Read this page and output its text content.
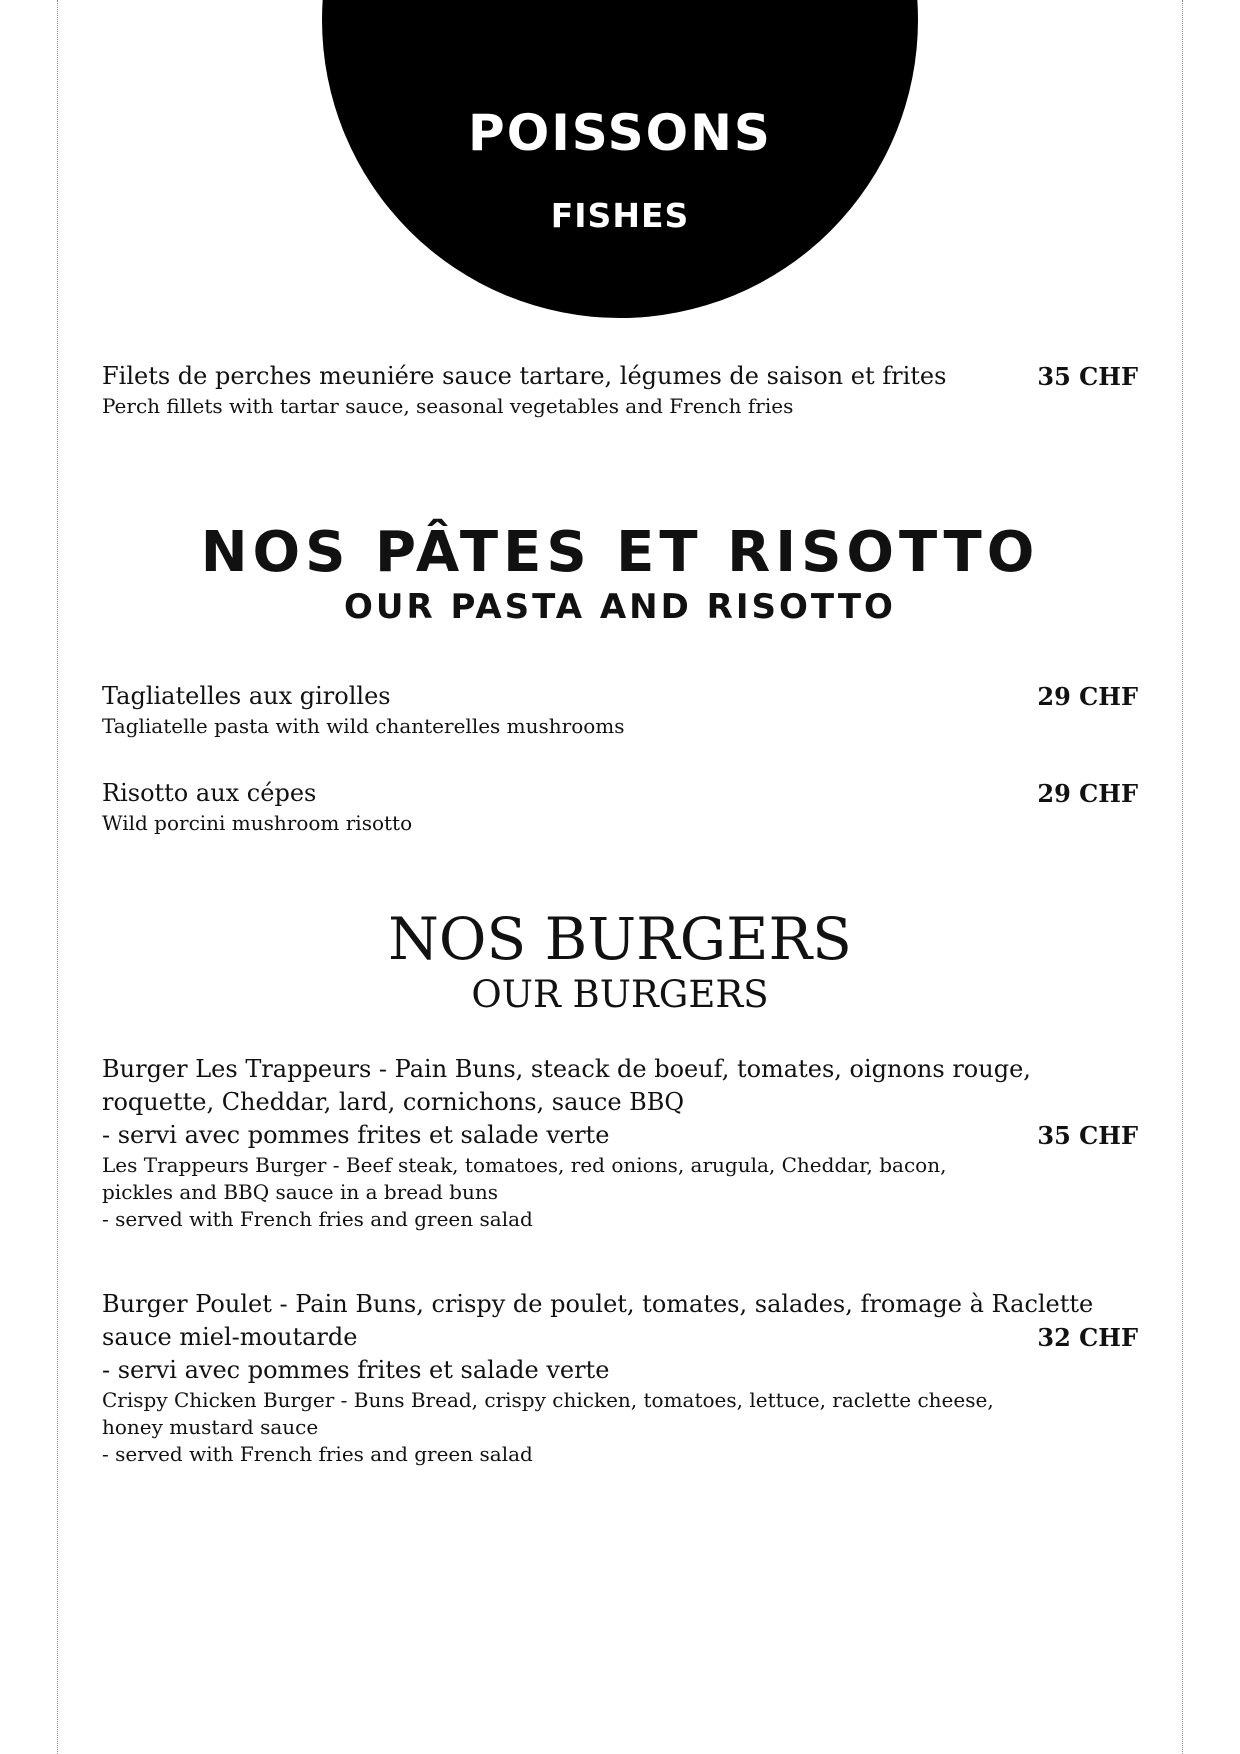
POISSONS
FISHES
Filets de perches meuniére sauce tartare, légumes de saison et frites
Perch fillets with tartar sauce, seasonal vegetables and French fries
35 CHF
NOS PÂTES ET RISOTTO
OUR PASTA AND RISOTTO
Tagliatelles aux girolles
Tagliatelle pasta with wild chanterelles mushrooms
29 CHF
Risotto aux cépes
Wild porcini mushroom risotto
29 CHF
NOS BURGERS
OUR BURGERS
Burger Les Trappeurs - Pain Buns, steack de boeuf, tomates, oignons rouge,
roquette, Cheddar, lard, cornichons, sauce BBQ
- servi avec pommes frites et salade verte
Les Trappeurs Burger - Beef steak, tomatoes, red onions, arugula, Cheddar, bacon,
pickles and BBQ sauce in a bread buns
- served with French fries and green salad
35 CHF
Burger Poulet - Pain Buns, crispy de poulet, tomates, salades, fromage à Raclette
sauce miel-moutarde
- servi avec pommes frites et salade verte
Crispy Chicken Burger - Buns Bread, crispy chicken, tomatoes, lettuce, raclette cheese,
honey mustard sauce
- served with French fries and green salad
32 CHF
